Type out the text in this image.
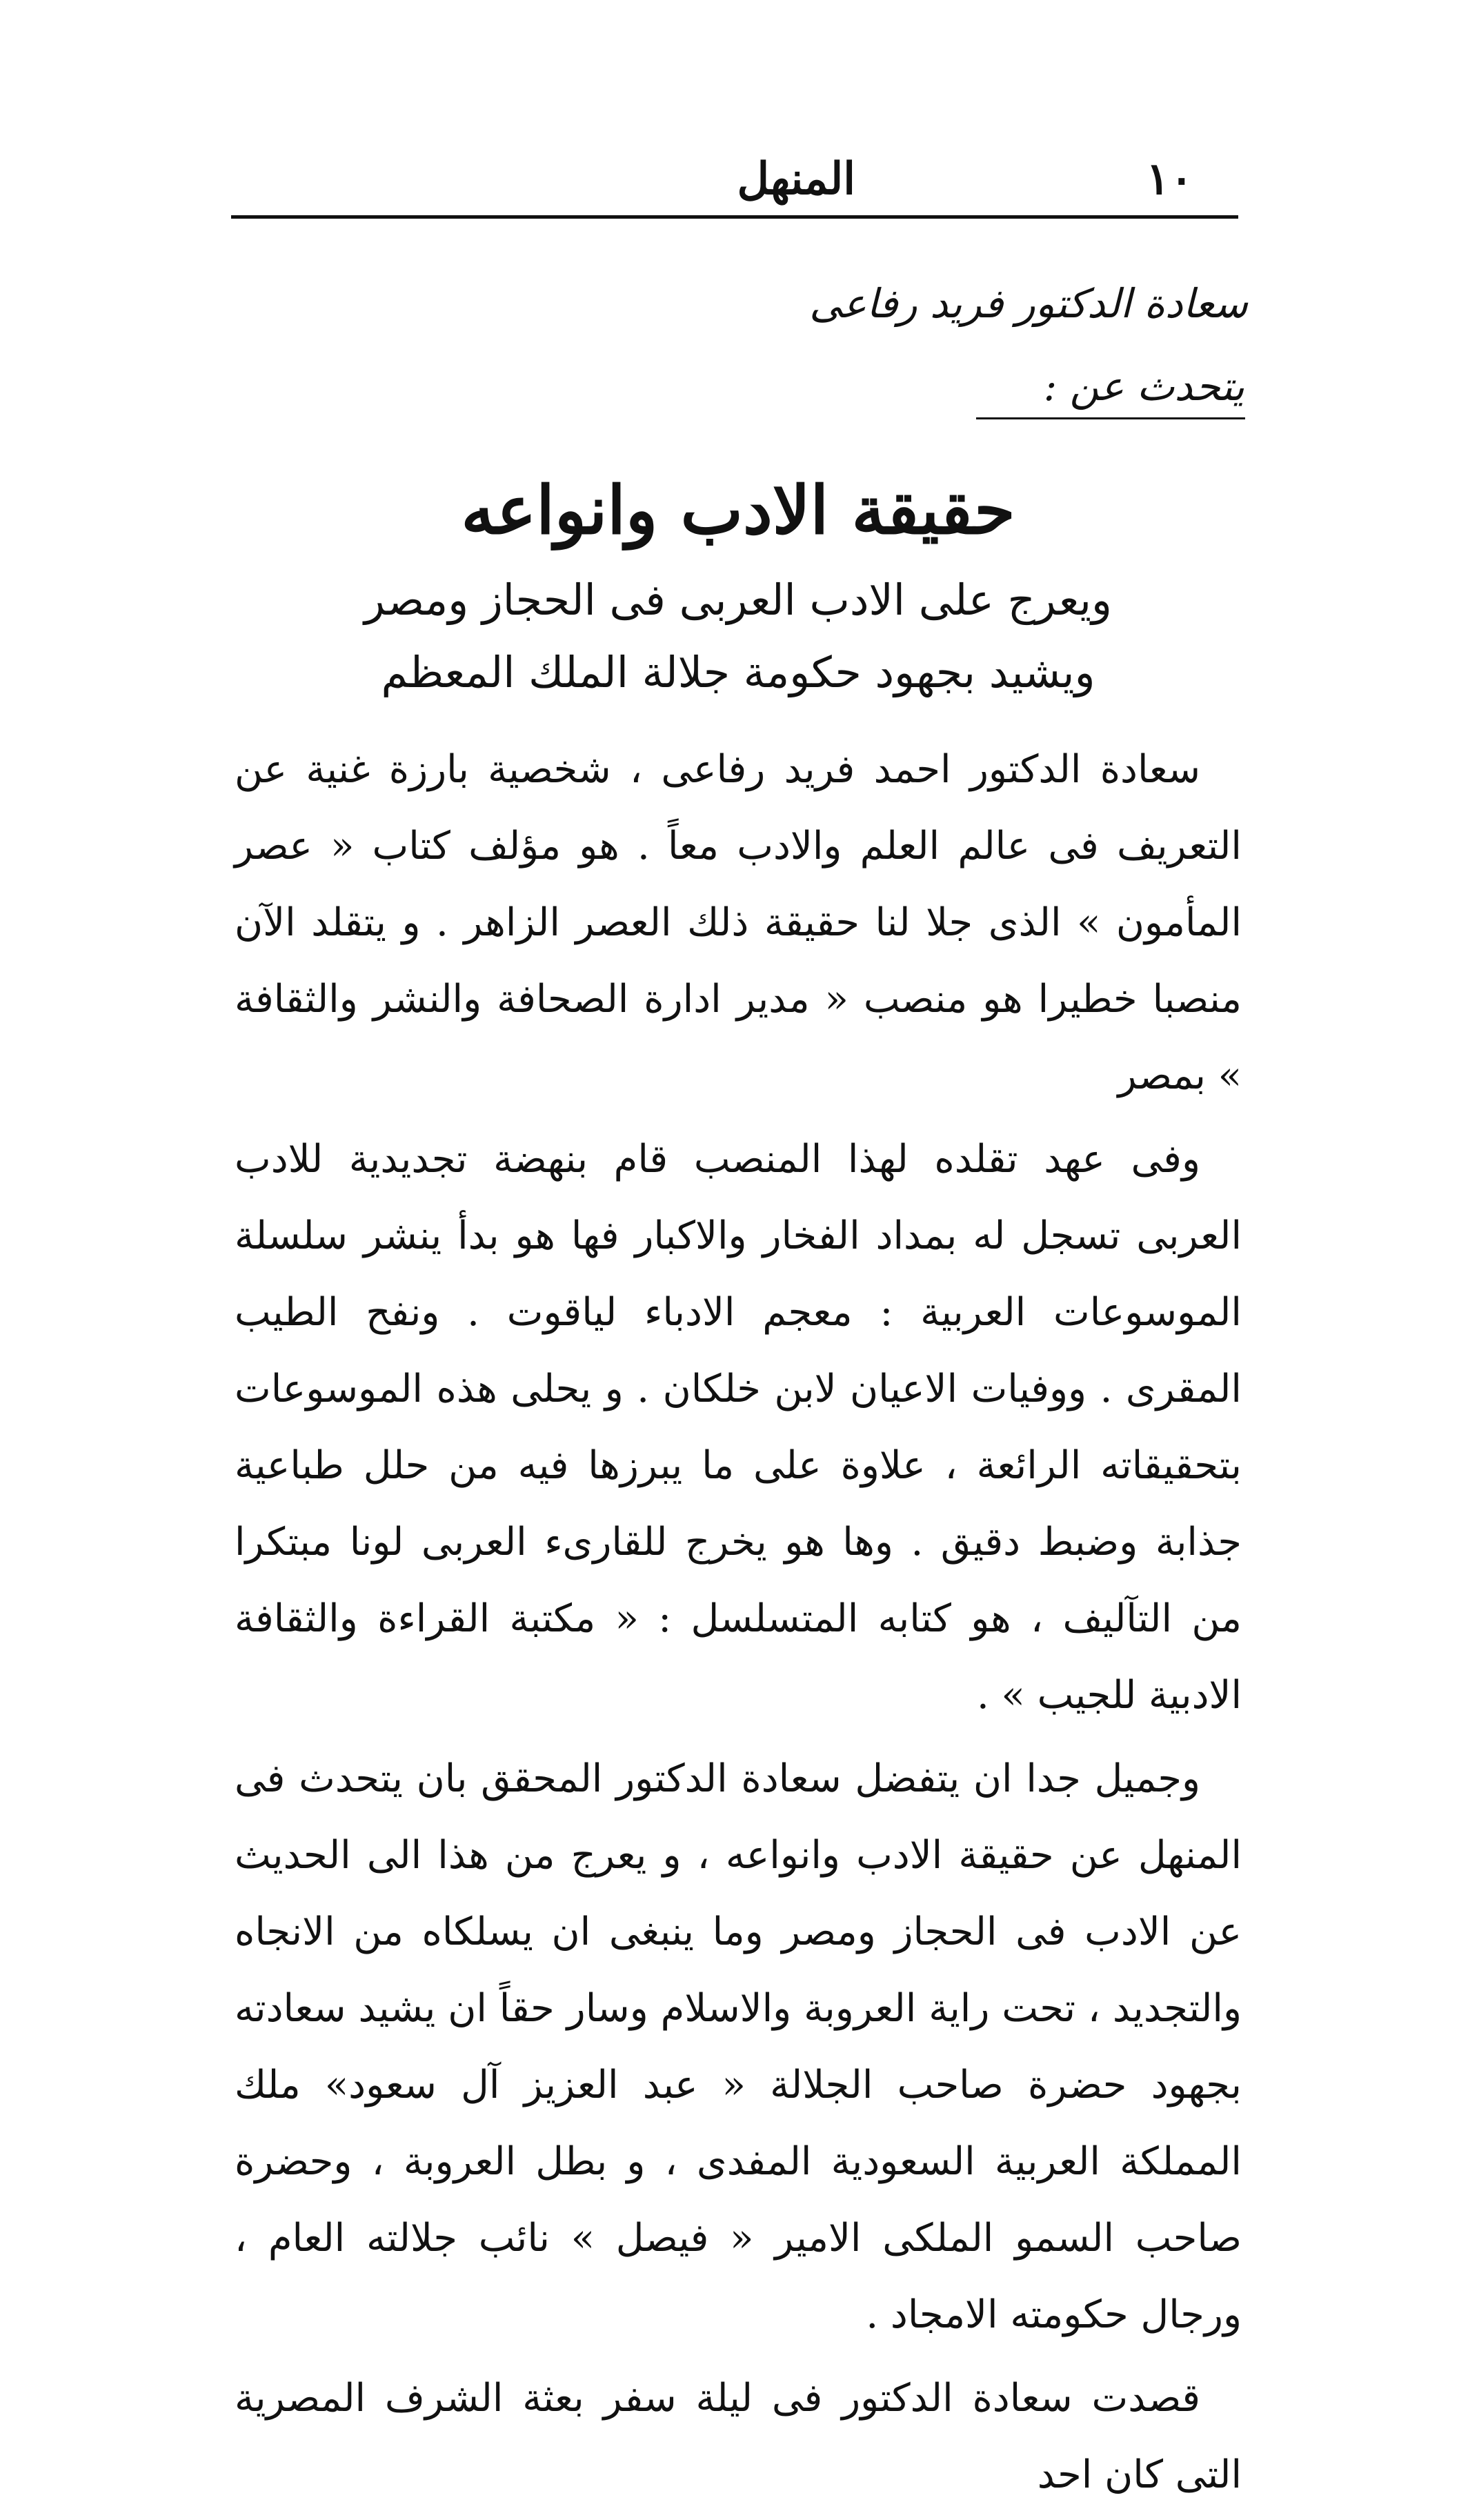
١٠
المنهل
سعادة الدكتور فريد رفاعى
يتحدث عن :
حقيقة الادب وانواعه
ويعرج على الادب العربى فى الحجاز ومصر
ويشيد بجهود حكومة جلالة الملك المعظم

سعادة الدكتور احمد فريد رفاعى ، شخصية بارزة غنية عن التعريف فى عالم العلم والادب معاً . هو مؤلف كتاب « عصر المأمون » الذى جلا لنا حقيقة ذلك العصر الزاهر . و يتقلد الآن منصبا خطيرا هو منصب « مدير ادارة الصحافة والنشر والثقافة » بمصر

وفى عهد تقلده لهذا المنصب قام بنهضة تجديدية للادب العربى تسجل له بمداد الفخار والاكبار فها هو بدأ ينشر سلسلة الموسوعات العربية : معجم الادباء لياقوت . ونفح الطيب المقرى . ووفيات الاعيان لابن خلكان . و يحلى هذه الموسوعات بتحقيقاته الرائعة ، علاوة على ما يبرزها فيه من حلل طباعية جذابة وضبط دقيق . وها هو يخرج للقارىء العربى لونا مبتكرا من التآليف ، هو كتابه المتسلسل : « مكتبة القراءة والثقافة الادبية للجيب » .

وجميل جدا ان يتفضل سعادة الدكتور المحقق بان يتحدث فى المنهل عن حقيقة الادب وانواعه ، و يعرج من هذا الى الحديث عن الادب فى الحجاز ومصر وما ينبغى ان يسلكاه من الانجاه والتجديد ، تحت راية العروبة والاسلام وسار حقاً ان يشيد سعادته بجهود حضرة صاحب الجلالة « عبد العزيز آل سعود» ملك المملكة العربية السعودية المفدى ، و بطل العروبة ، وحضرة صاحب السمو الملكى الامير « فيصل » نائب جلالته العام ، ورجال حكومته الامجاد .

قصدت سعادة الدكتور فى ليلة سفر بعثة الشرف المصرية التى كان احد
